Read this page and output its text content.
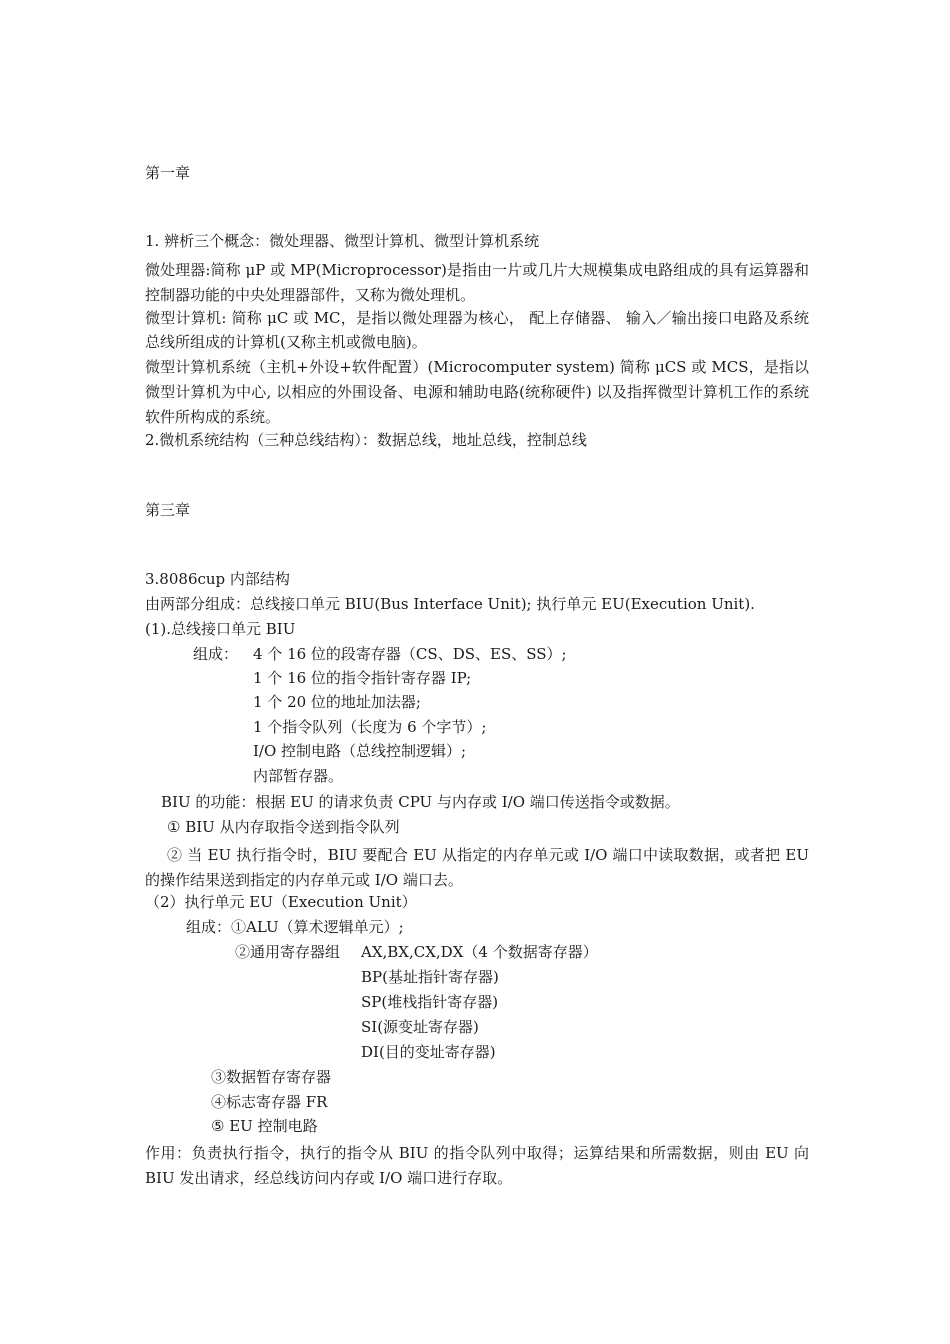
第一章
1. 辨析三个概念：微处理器、微型计算机、微型计算机系统
微处理器:简称 μP 或 MP(Microprocessor)是指由一片或几片大规模集成电路组成的具有运算器和控制器功能的中央处理器部件，又称为微处理机。
微型计算机: 简称 μC 或 MC，是指以微处理器为核心， 配上存储器、 输入／输出接口电路及系统总线所组成的计算机(又称主机或微电脑)。
微型计算机系统（主机+外设+软件配置）(Microcomputer system) 简称 μCS 或 MCS，是指以微型计算机为中心, 以相应的外围设备、电源和辅助电路(统称硬件) 以及指挥微型计算机工作的系统软件所构成的系统。
2.微机系统结构（三种总线结构）：数据总线，地址总线，控制总线
第三章
3.8086cup 内部结构
由两部分组成：总线接口单元 BIU(Bus Interface Unit); 执行单元 EU(Execution Unit).
(1).总线接口单元 BIU
组成： 4 个 16 位的段寄存器（CS、DS、ES、SS）;
1 个 16 位的指令指针寄存器 IP;
1 个 20 位的地址加法器;
1 个指令队列（长度为 6 个字节）;
I/O 控制电路（总线控制逻辑）;
内部暂存器。
BIU 的功能：根据 EU 的请求负责 CPU 与内存或 I/O 端口传送指令或数据。
① BIU 从内存取指令送到指令队列
② 当 EU 执行指令时，BIU 要配合 EU 从指定的内存单元或 I/O 端口中读取数据，或者把 EU 的操作结果送到指定的内存单元或 I/O 端口去。
（2）执行单元 EU（Execution Unit）
组成：①ALU（算术逻辑单元）;
②通用寄存器组 AX,BX,CX,DX（4 个数据寄存器）
BP(基址指针寄存器)
SP(堆栈指针寄存器)
SI(源变址寄存器)
DI(目的变址寄存器)
③数据暂存寄存器
④标志寄存器 FR
⑤ EU 控制电路
作用：负责执行指令，执行的指令从 BIU 的指令队列中取得；运算结果和所需数据，则由 EU 向 BIU 发出请求，经总线访问内存或 I/O 端口进行存取。
